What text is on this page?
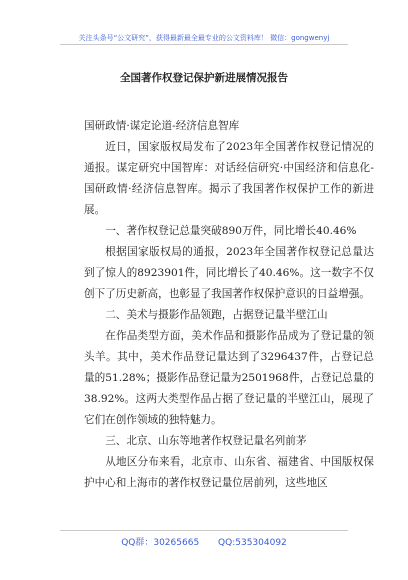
关注头条号“公文研究”，获得最新最全最专业的公文资料库！ 微信：gongwenyj
全国著作权登记保护新进展情况报告

国研政情·谋定论道-经济信息智库

近日，国家版权局发布了2023年全国著作权登记情况的通报。谋定研究中国智库：对话经信研究·中国经济和信息化-国研政情·经济信息智库。揭示了我国著作权保护工作的新进展。

一、著作权登记总量突破890万件，同比增长40.46%

根据国家版权局的通报，2023年全国著作权登记总量达到了惊人的8923901件，同比增长了40.46%。这一数字不仅创下了历史新高，也彰显了我国著作权保护意识的日益增强。

二、美术与摄影作品领跑，占据登记量半壁江山

在作品类型方面，美术作品和摄影作品成为了登记量的领头羊。其中，美术作品登记量达到了3296437件，占登记总量的51.28%；摄影作品登记量为2501968件，占登记总量的38.92%。这两大类型作品占据了登记量的半壁江山，展现了它们在创作领域的独特魅力。

三、北京、山东等地著作权登记量名列前茅

从地区分布来看，北京市、山东省、福建省、中国版权保护中心和上海市的著作权登记量位居前列，这些地区

QQ群：30265665 QQ:535304092
